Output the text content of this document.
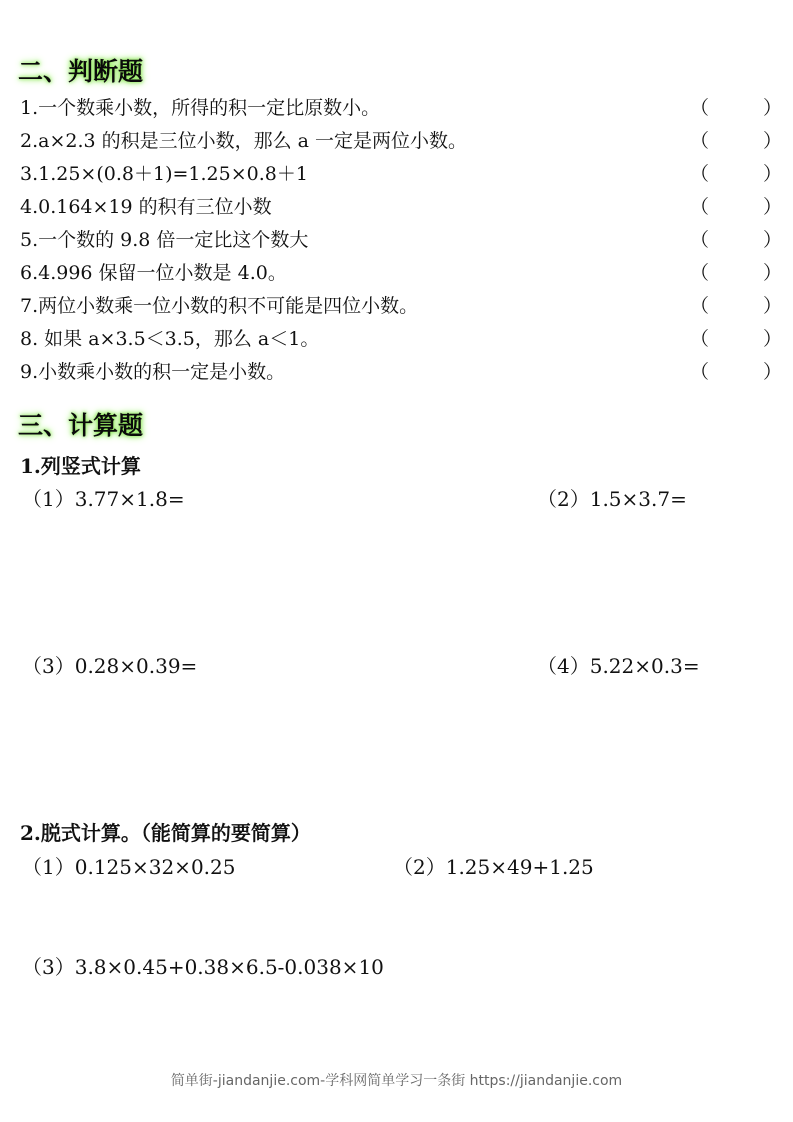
二、判断题
1.一个数乘小数，所得的积一定比原数小。	（	）
2.a×2.3 的积是三位小数，那么 a 一定是两位小数。	（	）
3.1.25×(0.8＋1)=1.25×0.8＋1	（	）
4.0.164×19 的积有三位小数	（	）
5.一个数的 9.8 倍一定比这个数大	（	）
6.4.996 保留一位小数是 4.0。	（	）
7.两位小数乘一位小数的积不可能是四位小数。	（	）
8. 如果 a×3.5＜3.5，那么 a＜1。	（	）
9.小数乘小数的积一定是小数。	（	）
三、计算题
1.列竖式计算
（1）3.77×1.8=	（2）1.5×3.7=
（3）0.28×0.39=	（4）5.22×0.3=
2.脱式计算。（能简算的要简算）
（1）0.125×32×0.25	（2）1.25×49+1.25
（3）3.8×0.45+0.38×6.5-0.038×10
简单街-jiandanjie.com-学科网简单学习一条街 https://jiandanjie.com
